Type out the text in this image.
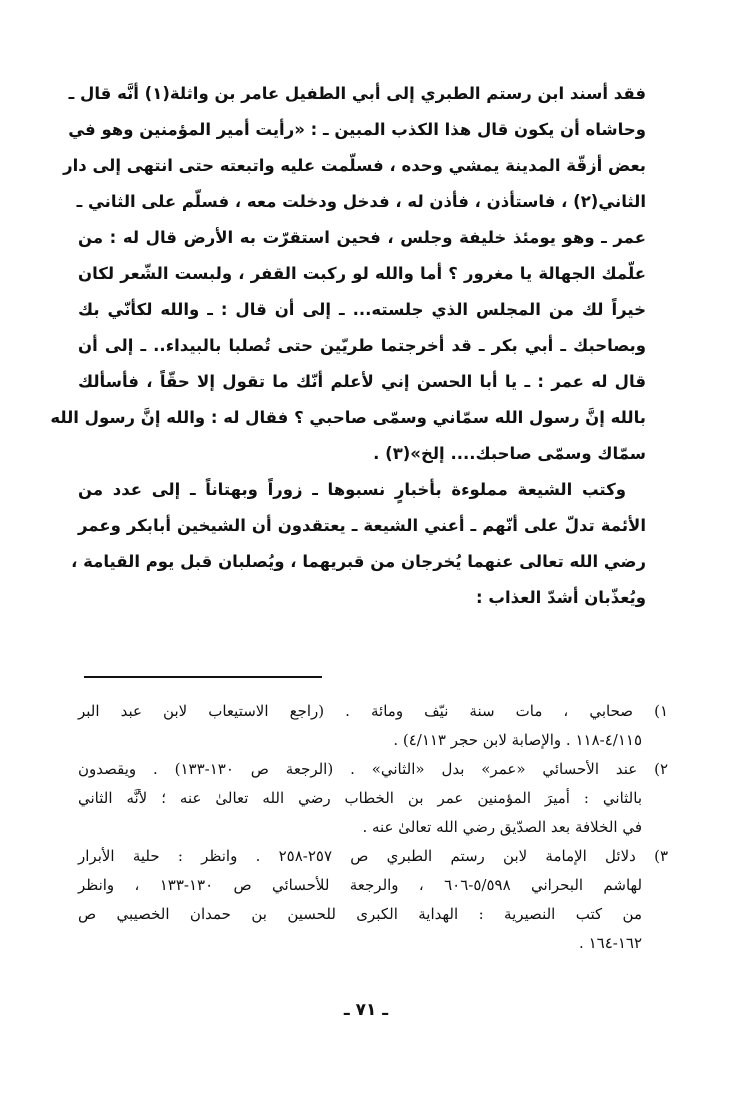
فقد أسند ابن رستم الطبري إلى أبي الطفيل عامر بن واثلة(١) أنَّه قال ـ
وحاشاه أن يكون قال هذا الكذب المبين ـ : «رأيت أمير المؤمنين وهو في
بعض أزقّة المدينة يمشي وحده ، فسلّمت عليه واتبعته حتى انتهى إلى دار
الثاني(٢) ، فاستأذن ، فأذن له ، فدخل ودخلت معه ، فسلّم على الثاني ـ
عمر ـ وهو يومئذ خليفة وجلس ، فحين استقرّت به الأرض قال له : من
علّمك الجهالة يا مغرور ؟ أما والله لو ركبت القفر ، ولبست الشّعر لكان
خيراً لك من المجلس الذي جلسته... ـ إلى أن قال : ـ والله لكأنّي بك
وبصاحبك ـ أبي بكر ـ قد أخرجتما طريّين حتى تُصلبا بالبيداء.. ـ إلى أن
قال له عمر : ـ يا أبا الحسن إني لأعلم أنّك ما تقول إلا حقّاً ، فأسألك
بالله إنَّ رسول الله سمّاني وسمّى صاحبي ؟ فقال له : والله إنَّ رسول الله
سمّاك وسمّى صاحبك.... إلخ»(٣) .
وكتب الشيعة مملوءة بأخبارٍ نسبوها ـ زوراً وبهتاناً ـ إلى عدد من
الأئمة تدلّ على أنّهم ـ أعني الشيعة ـ يعتقدون أن الشيخين أبابكر وعمر
رضي الله تعالى عنهما يُخرجان من قبريهما ، ويُصلبان قبل يوم القيامة ،
ويُعذّبان أشدّ العذاب :
١) صحابي ، مات سنة نيّف ومائة . (راجع الاستيعاب لابن عبد البر
٤/١١٥-١١٨ . والإصابة لابن حجر ٤/١١٣) .
٢) عند الأحسائي «عمر» بدل «الثاني» . (الرجعة ص ١٣٠-١٣٣) . ويقصدون
بالثاني : أميرَ المؤمنين عمر بن الخطاب رضي الله تعالىٰ عنه ؛ لأنَّه الثاني
في الخلافة بعد الصدّيق رضي الله تعالىٰ عنه .
٣) دلائل الإمامة لابن رستم الطبري ص ٢٥٧-٢٥٨ . وانظر : حلية الأبرار
لهاشم البحراني ٥/٥٩٨-٦٠٦ ، والرجعة للأحسائي ص ١٣٠-١٣٣ ، وانظر
من كتب النصيرية : الهداية الكبرى للحسين بن حمدان الخصيبي ص
١٦٢-١٦٤ .
ـ ٧١ ـ
